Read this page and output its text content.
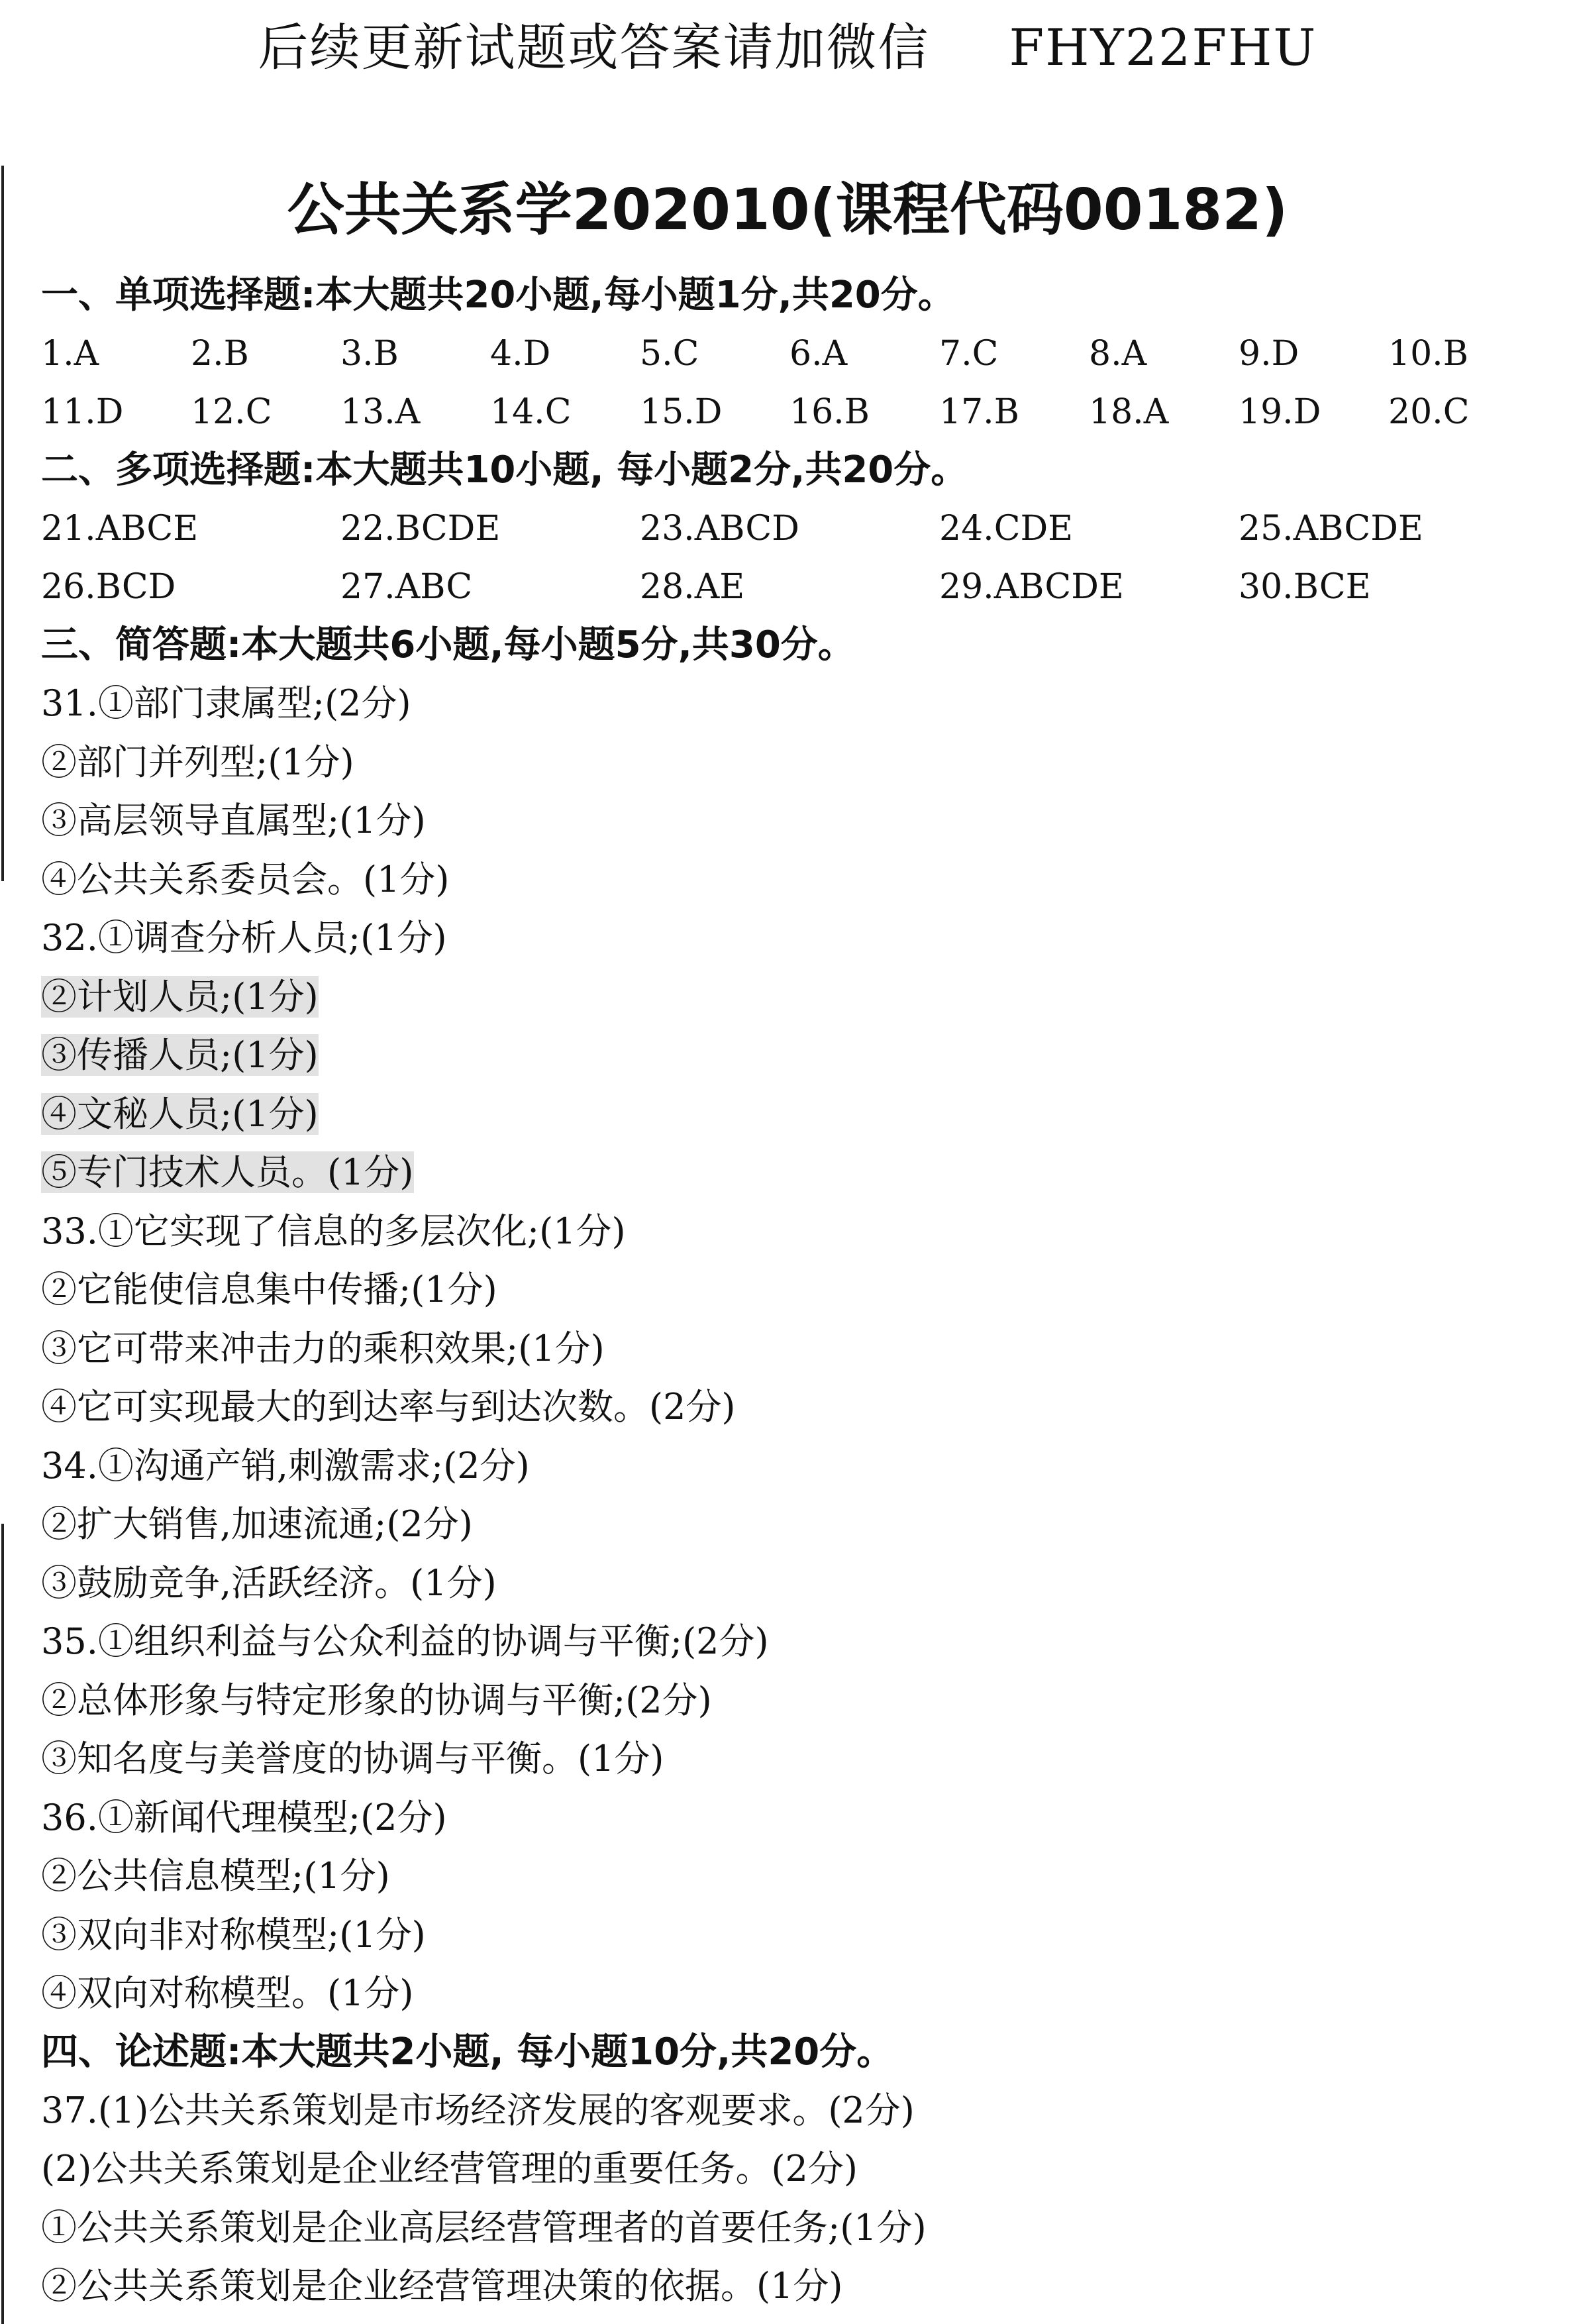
后续更新试题或答案请加微信 FHY22FHU
公共关系学202010(课程代码00182)
一、单项选择题:本大题共20小题,每小题1分,共20分。
1.A	2.B	3.B	4.D	5.C	6.A	7.C	8.A	9.D	10.B
11.D	12.C	13.A	14.C	15.D	16.B	17.B	18.A	19.D	20.C
二、多项选择题:本大题共10小题, 每小题2分,共20分。
21.ABCE	22.BCDE	23.ABCD	24.CDE	25.ABCDE
26.BCD	27.ABC	28.AE	29.ABCDE	30.BCE
三、简答题:本大题共6小题,每小题5分,共30分。
31.①部门隶属型;(2分)
②部门并列型;(1分)
③高层领导直属型;(1分)
④公共关系委员会。(1分)
32.①调查分析人员;(1分)
②计划人员;(1分)
③传播人员;(1分)
④文秘人员;(1分)
⑤专门技术人员。(1分)
33.①它实现了信息的多层次化;(1分)
②它能使信息集中传播;(1分)
③它可带来冲击力的乘积效果;(1分)
④它可实现最大的到达率与到达次数。(2分)
34.①沟通产销,刺激需求;(2分)
②扩大销售,加速流通;(2分)
③鼓励竞争,活跃经济。(1分)
35.①组织利益与公众利益的协调与平衡;(2分)
②总体形象与特定形象的协调与平衡;(2分)
③知名度与美誉度的协调与平衡。(1分)
36.①新闻代理模型;(2分)
②公共信息模型;(1分)
③双向非对称模型;(1分)
④双向对称模型。(1分)
四、论述题:本大题共2小题, 每小题10分,共20分。
37.(1)公共关系策划是市场经济发展的客观要求。(2分)
(2)公共关系策划是企业经营管理的重要任务。(2分)
①公共关系策划是企业高层经营管理者的首要任务;(1分)
②公共关系策划是企业经营管理决策的依据。(1分)
